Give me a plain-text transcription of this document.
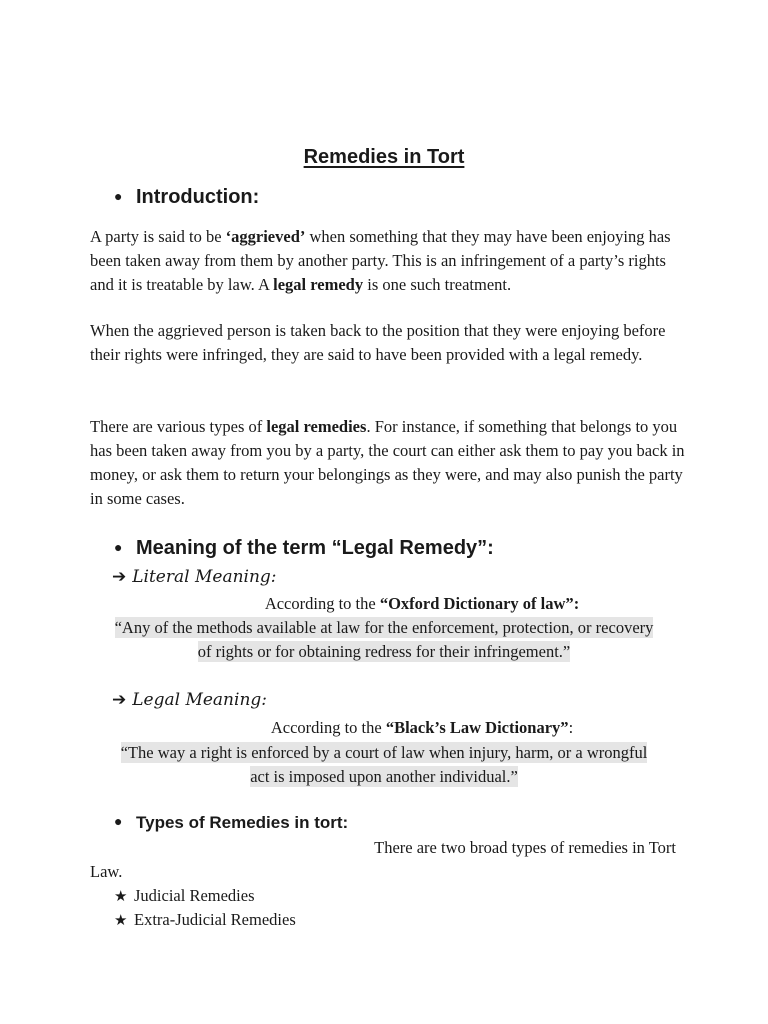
Remedies in Tort
● Introduction:

A party is said to be ‘aggrieved’ when something that they may have been enjoying has been taken away from them by another party. This is an infringement of a party’s rights and it is treatable by law. A legal remedy is one such treatment.

When the aggrieved person is taken back to the position that they were enjoying before their rights were infringed, they are said to have been provided with a legal remedy.

There are various types of legal remedies. For instance, if something that belongs to you has been taken away from you by a party, the court can either ask them to pay you back in money, or ask them to return your belongings as they were, and may also punish the party in some cases.

● Meaning of the term “Legal Remedy”:
➔ Literal Meaning:
According to the “Oxford Dictionary of law”:

“Any of the methods available at law for the enforcement, protection, or recovery
of rights or for obtaining redress for their infringement.”

➔ Legal Meaning:
According to the “Black’s Law Dictionary”:

“The way a right is enforced by a court of law when injury, harm, or a wrongful
act is imposed upon another individual.”

● Types of Remedies in tort:
There are two broad types of remedies in Tort
Law.
★ Judicial Remedies
★ Extra-Judicial Remedies
